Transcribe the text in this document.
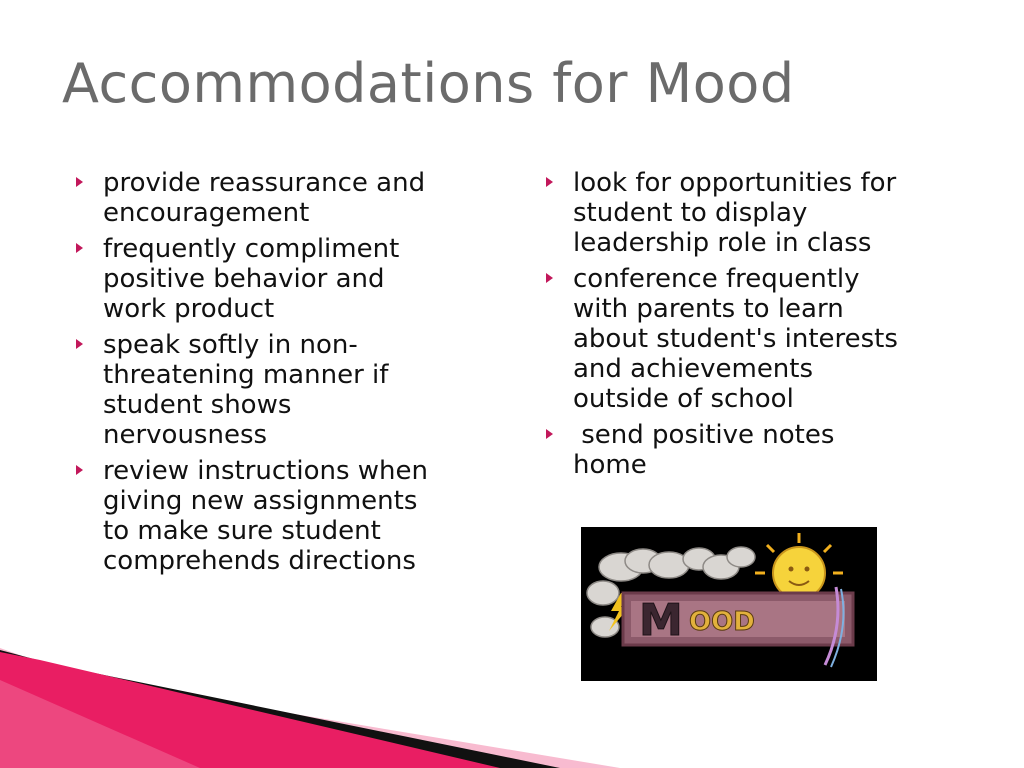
Accommodations for Mood
provide reassurance and
encouragement
frequently compliment
positive behavior and
work product
speak softly in non-
threatening manner if
student shows
nervousness
review instructions when
giving new assignments
to make sure student
comprehends directions
look for opportunities for
student to display
leadership role in class
conference frequently
with parents to learn
about student's interests
and achievements
outside of school
send positive notes
home
M OOD
